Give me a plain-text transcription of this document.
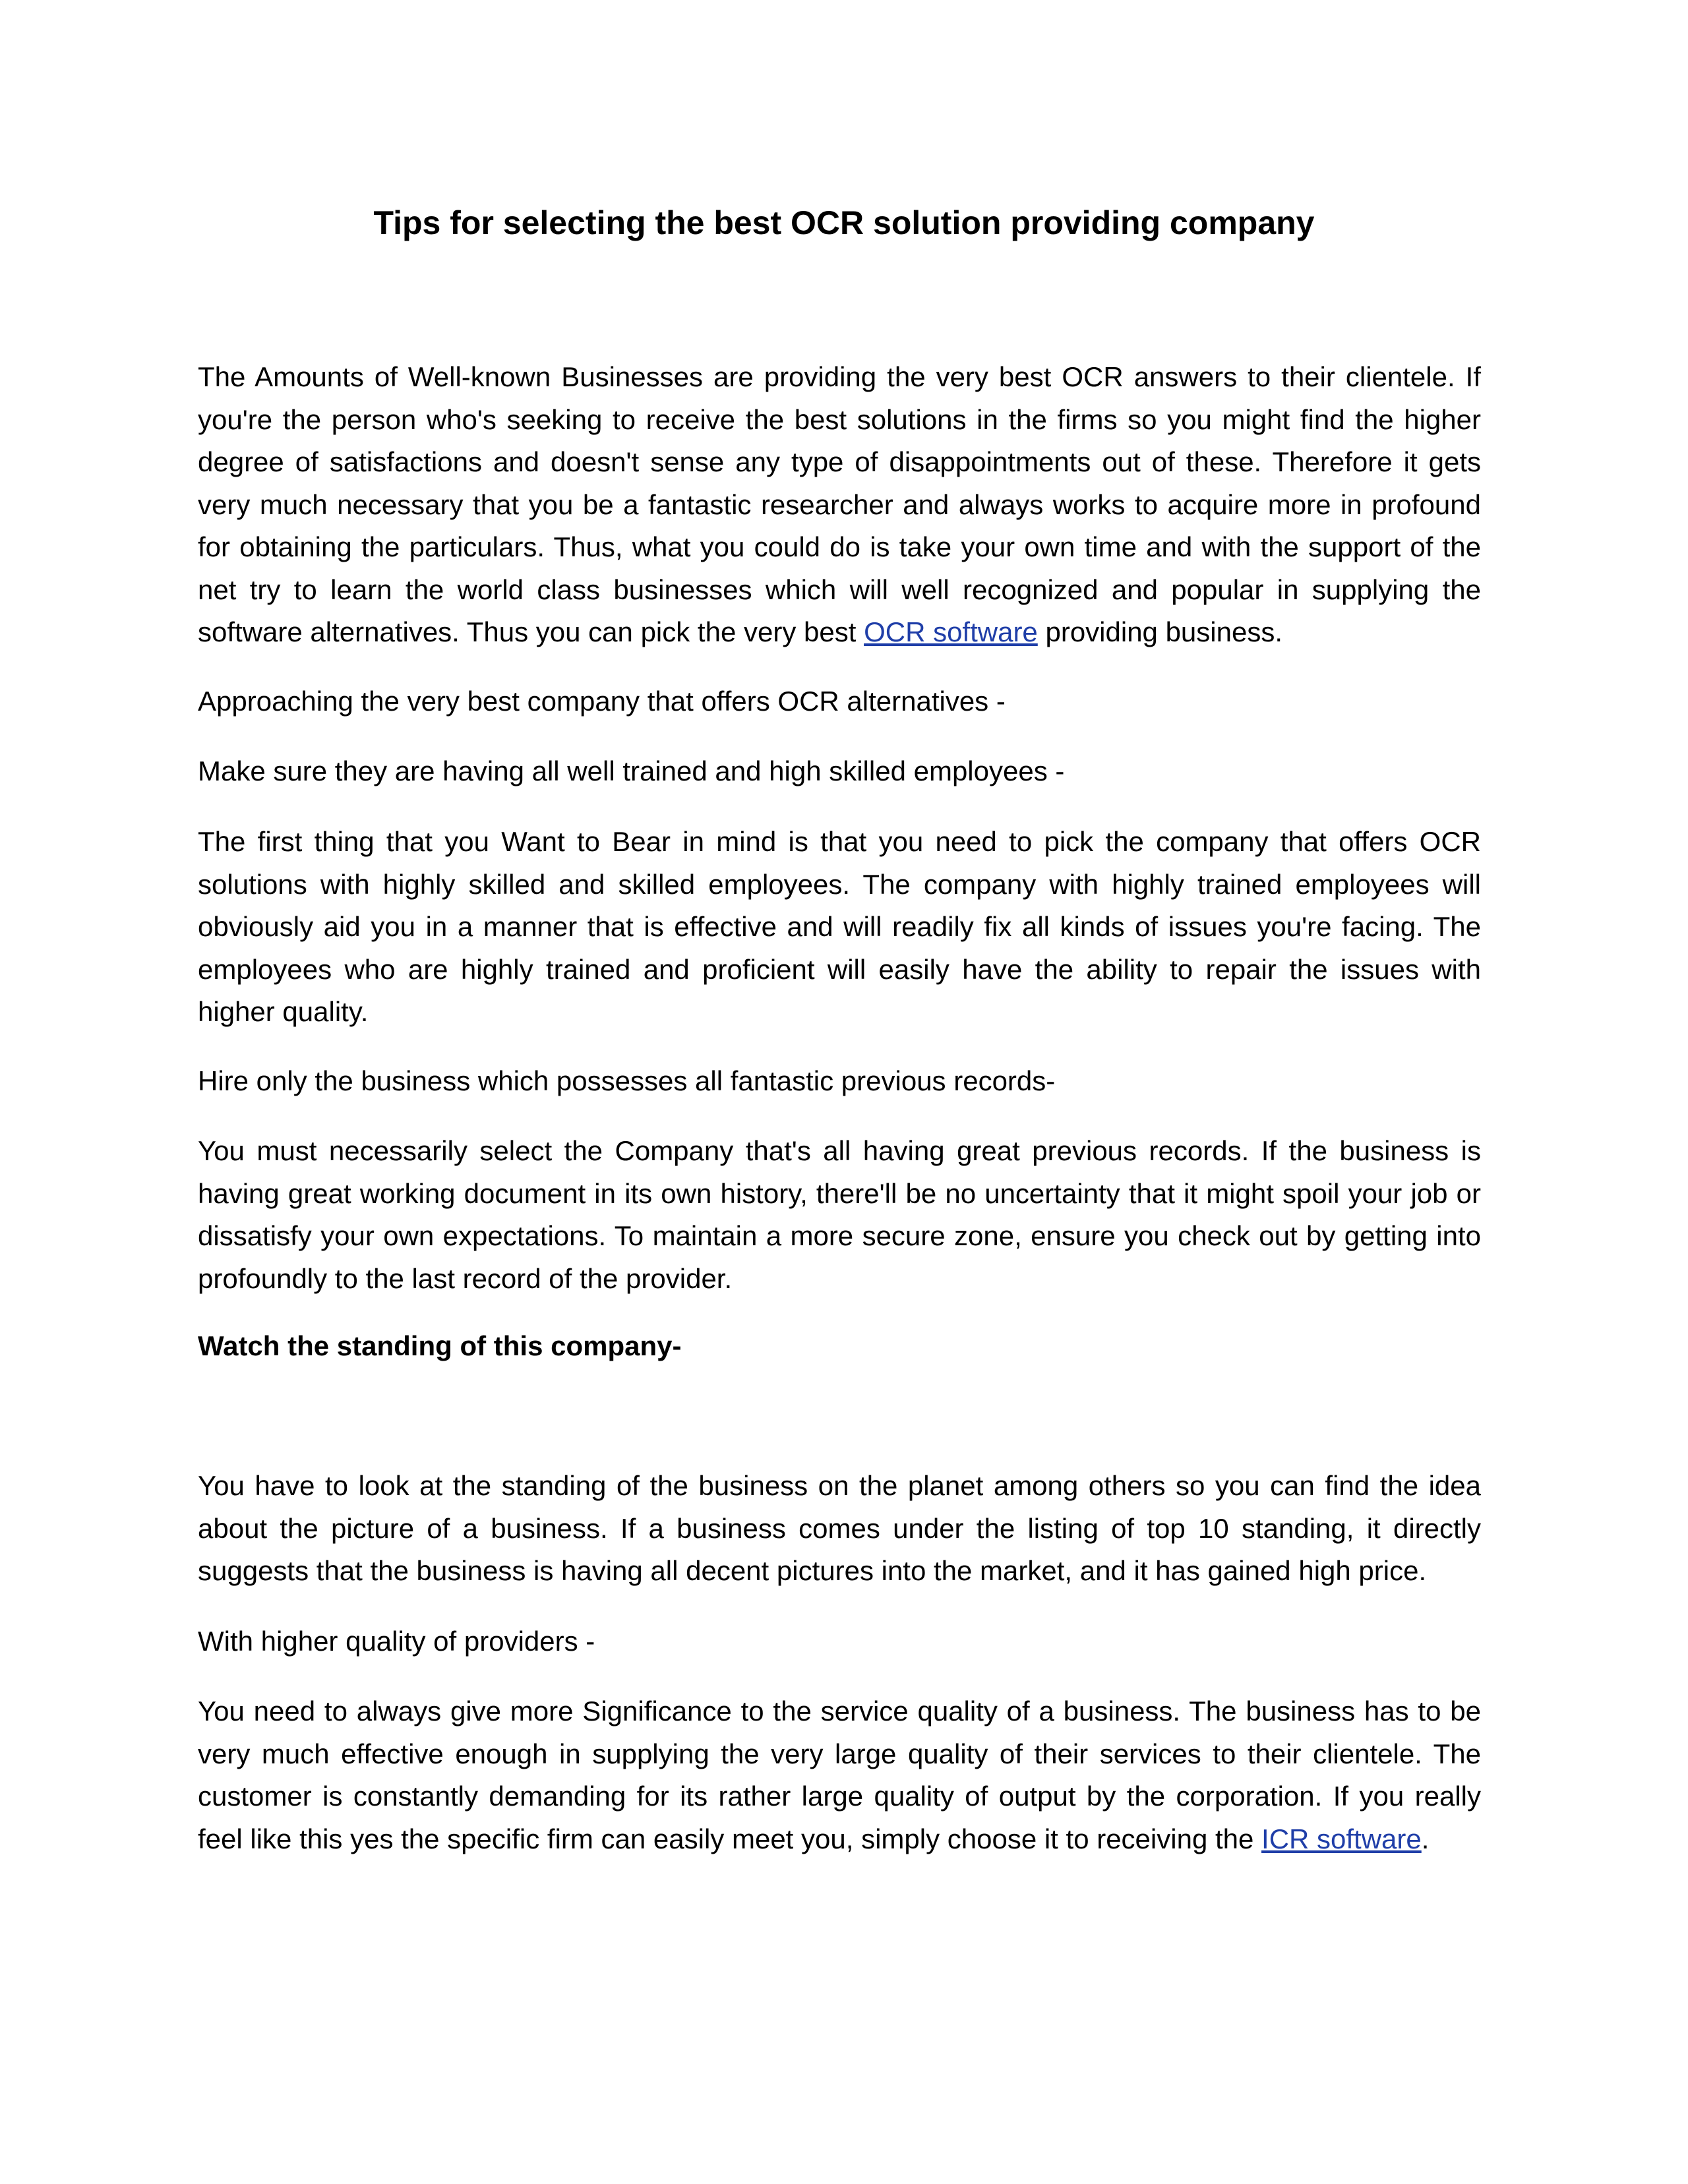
Tips for selecting the best OCR solution providing company

The Amounts of Well-known Businesses are providing the very best OCR answers to their clientele. If you're the person who's seeking to receive the best solutions in the firms so you might find the higher degree of satisfactions and doesn't sense any type of disappointments out of these. Therefore it gets very much necessary that you be a fantastic researcher and always works to acquire more in profound for obtaining the particulars. Thus, what you could do is take your own time and with the support of the net try to learn the world class businesses which will well recognized and popular in supplying the software alternatives. Thus you can pick the very best OCR software providing business.

Approaching the very best company that offers OCR alternatives -

Make sure they are having all well trained and high skilled employees -

The first thing that you Want to Bear in mind is that you need to pick the company that offers OCR solutions with highly skilled and skilled employees. The company with highly trained employees will obviously aid you in a manner that is effective and will readily fix all kinds of issues you're facing. The employees who are highly trained and proficient will easily have the ability to repair the issues with higher quality.

Hire only the business which possesses all fantastic previous records-

You must necessarily select the Company that's all having great previous records. If the business is having great working document in its own history, there'll be no uncertainty that it might spoil your job or dissatisfy your own expectations. To maintain a more secure zone, ensure you check out by getting into profoundly to the last record of the provider.

Watch the standing of this company-

You have to look at the standing of the business on the planet among others so you can find the idea about the picture of a business. If a business comes under the listing of top 10 standing, it directly suggests that the business is having all decent pictures into the market, and it has gained high price.

With higher quality of providers -

You need to always give more Significance to the service quality of a business. The business has to be very much effective enough in supplying the very large quality of their services to their clientele. The customer is constantly demanding for its rather large quality of output by the corporation. If you really feel like this yes the specific firm can easily meet you, simply choose it to receiving the ICR software.
